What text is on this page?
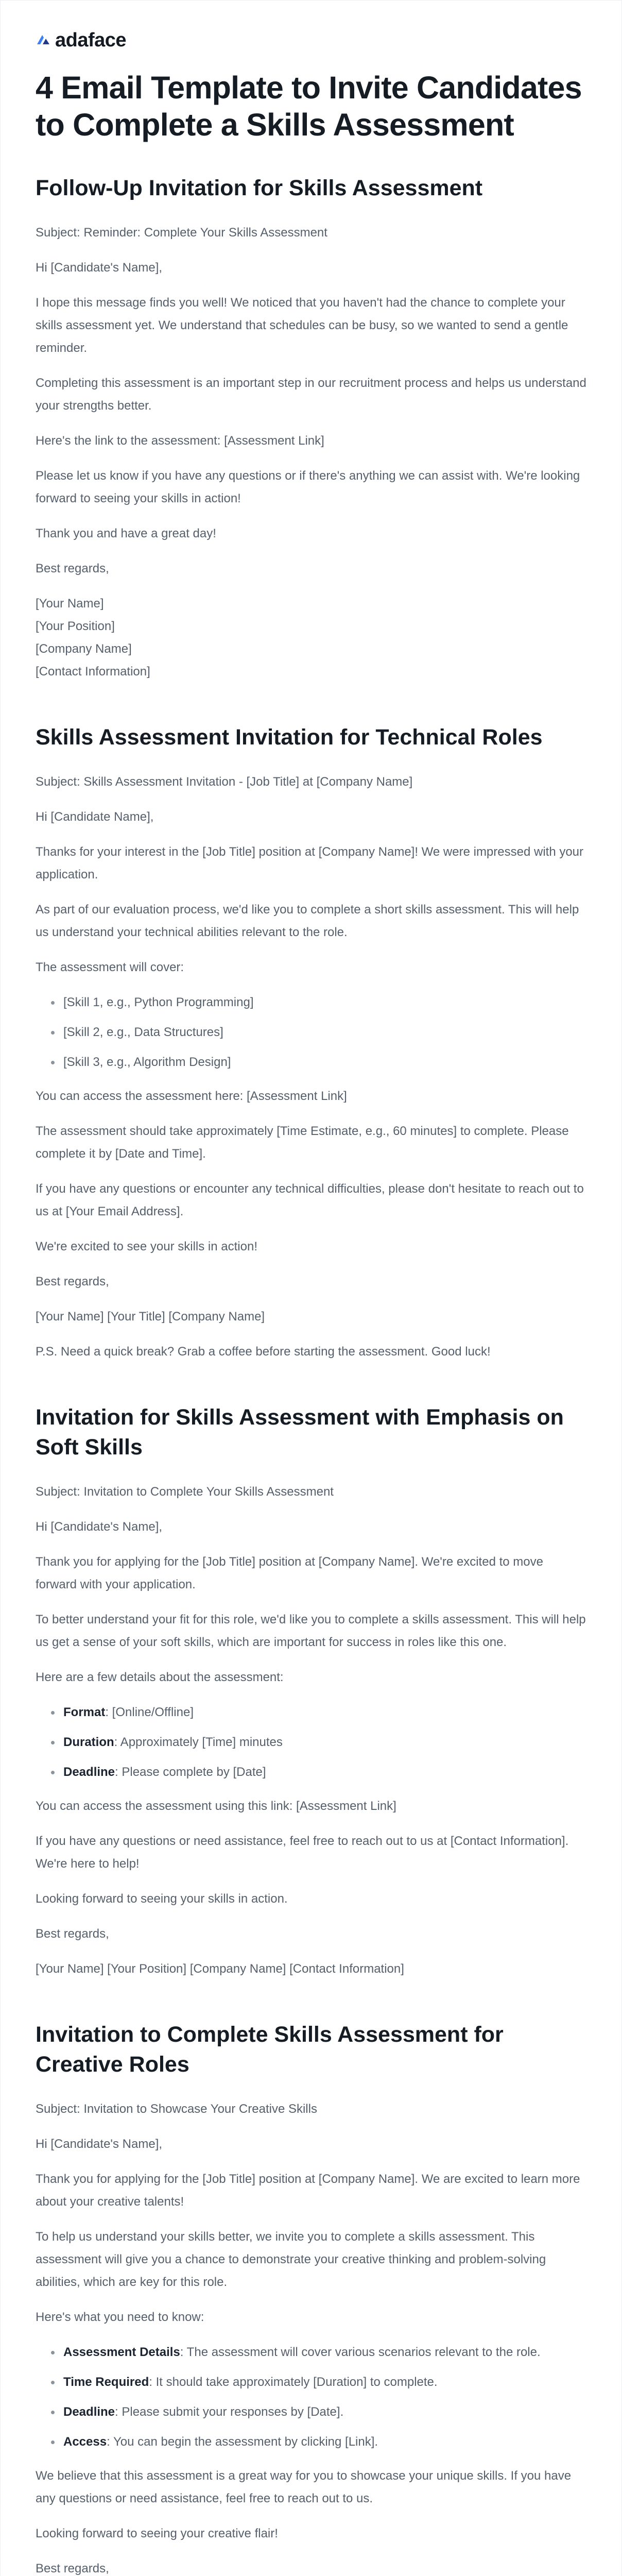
adaface
4 Email Template to Invite Candidates to Complete a Skills Assessment
Follow-Up Invitation for Skills Assessment

Subject: Reminder: Complete Your Skills Assessment

Hi [Candidate's Name],

I hope this message finds you well! We noticed that you haven't had the chance to complete your skills assessment yet. We understand that schedules can be busy, so we wanted to send a gentle reminder.

Completing this assessment is an important step in our recruitment process and helps us understand your strengths better.

Here's the link to the assessment: [Assessment Link]

Please let us know if you have any questions or if there's anything we can assist with. We're looking forward to seeing your skills in action!

Thank you and have a great day!

Best regards,

[Your Name]

[Your Position]

[Company Name]

[Contact Information]

Skills Assessment Invitation for Technical Roles

Subject: Skills Assessment Invitation - [Job Title] at [Company Name]

Hi [Candidate Name],

Thanks for your interest in the [Job Title] position at [Company Name]! We were impressed with your application.

As part of our evaluation process, we'd like you to complete a short skills assessment. This will help us understand your technical abilities relevant to the role.

The assessment will cover:

[Skill 1, e.g., Python Programming]
[Skill 2, e.g., Data Structures]
[Skill 3, e.g., Algorithm Design]

You can access the assessment here: [Assessment Link]

The assessment should take approximately [Time Estimate, e.g., 60 minutes] to complete. Please complete it by [Date and Time].

If you have any questions or encounter any technical difficulties, please don't hesitate to reach out to us at [Your Email Address].

We're excited to see your skills in action!

Best regards,

[Your Name] [Your Title] [Company Name]

P.S. Need a quick break? Grab a coffee before starting the assessment. Good luck!

Invitation for Skills Assessment with Emphasis on Soft Skills

Subject: Invitation to Complete Your Skills Assessment

Hi [Candidate's Name],

Thank you for applying for the [Job Title] position at [Company Name]. We're excited to move forward with your application.

To better understand your fit for this role, we'd like you to complete a skills assessment. This will help us get a sense of your soft skills, which are important for success in roles like this one.

Here are a few details about the assessment:

Format: [Online/Offline]
Duration: Approximately [Time] minutes
Deadline: Please complete by [Date]

You can access the assessment using this link: [Assessment Link]

If you have any questions or need assistance, feel free to reach out to us at [Contact Information]. We're here to help!

Looking forward to seeing your skills in action.

Best regards,

[Your Name] [Your Position] [Company Name] [Contact Information]

Invitation to Complete Skills Assessment for Creative Roles

Subject: Invitation to Showcase Your Creative Skills

Hi [Candidate's Name],

Thank you for applying for the [Job Title] position at [Company Name]. We are excited to learn more about your creative talents!

To help us understand your skills better, we invite you to complete a skills assessment. This assessment will give you a chance to demonstrate your creative thinking and problem-solving abilities, which are key for this role.

Here's what you need to know:

Assessment Details: The assessment will cover various scenarios relevant to the role.
Time Required: It should take approximately [Duration] to complete.
Deadline: Please submit your responses by [Date].
Access: You can begin the assessment by clicking [Link].

We believe that this assessment is a great way for you to showcase your unique skills. If you have any questions or need assistance, feel free to reach out to us.

Looking forward to seeing your creative flair!

Best regards,
